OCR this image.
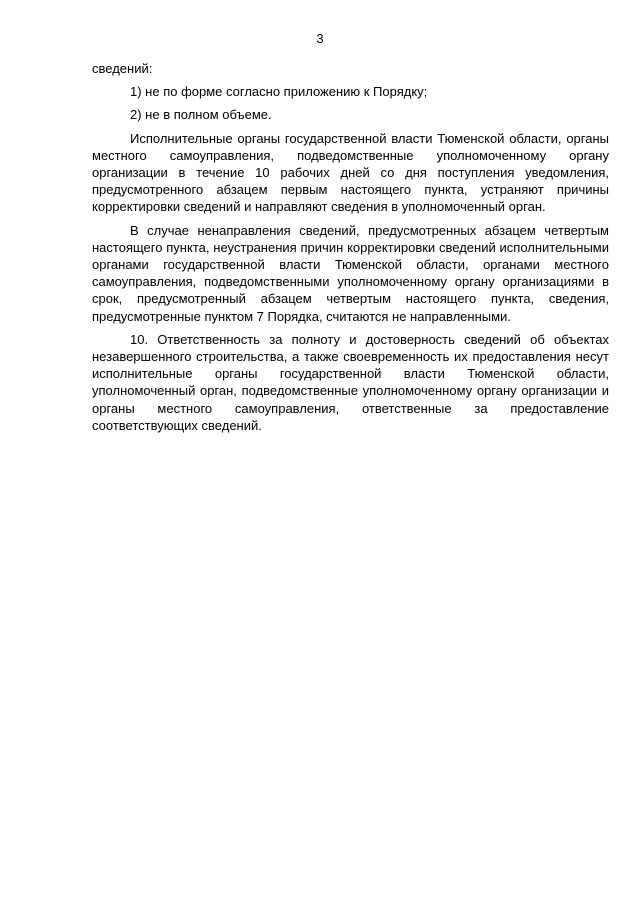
3

сведений:

1) не по форме согласно приложению к Порядку;

2) не в полном объеме.

Исполнительные органы государственной власти Тюменской области, органы местного самоуправления, подведомственные уполномоченному органу организации в течение 10 рабочих дней со дня поступления уведомления, предусмотренного абзацем первым настоящего пункта, устраняют причины корректировки сведений и направляют сведения в уполномоченный орган.

В случае ненаправления сведений, предусмотренных абзацем четвертым настоящего пункта, неустранения причин корректировки сведений исполнительными органами государственной власти Тюменской области, органами местного самоуправления, подведомственными уполномоченному органу организациями в срок, предусмотренный абзацем четвертым настоящего пункта, сведения, предусмотренные пунктом 7 Порядка, считаются не направленными.

10. Ответственность за полноту и достоверность сведений об объектах незавершенного строительства, а также своевременность их предоставления несут исполнительные органы государственной власти Тюменской области, уполномоченный орган, подведомственные уполномоченному органу организации и органы местного самоуправления, ответственные за предоставление соответствующих сведений.
